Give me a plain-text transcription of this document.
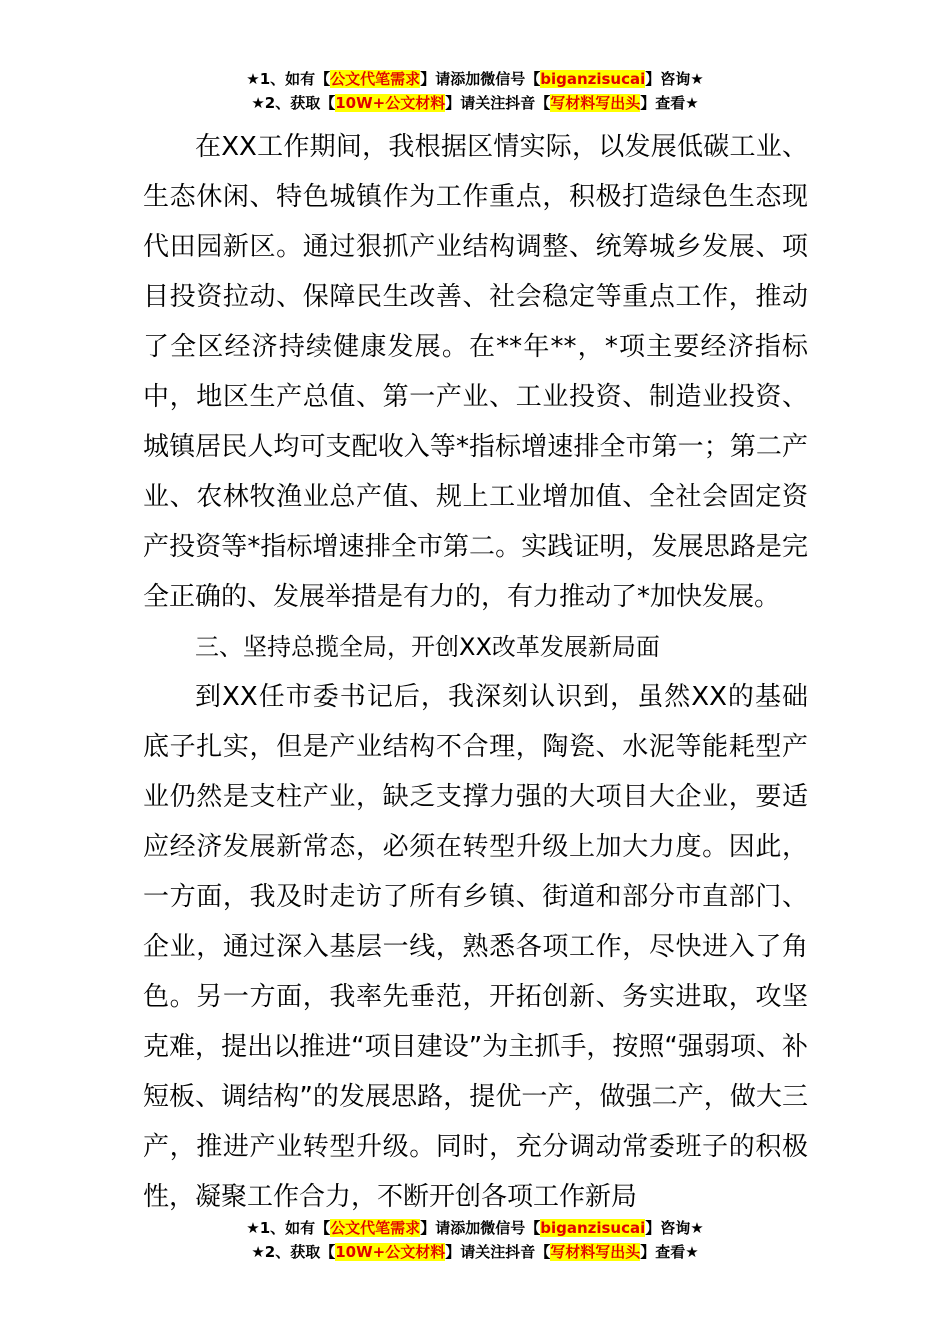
★1、如有【公文代笔需求】请添加微信号【biganzisucai】咨询★
★2、获取【10W+公文材料】请关注抖音【写材料写出头】查看★

在XX工作期间，我根据区情实际，以发展低碳工业、生态休闲、特色城镇作为工作重点，积极打造绿色生态现代田园新区。通过狠抓产业结构调整、统筹城乡发展、项目投资拉动、保障民生改善、社会稳定等重点工作，推动了全区经济持续健康发展。在**年**，*项主要经济指标中，地区生产总值、第一产业、工业投资、制造业投资、城镇居民人均可支配收入等*指标增速排全市第一；第二产业、农林牧渔业总产值、规上工业增加值、全社会固定资产投资等*指标增速排全市第二。实践证明，发展思路是完全正确的、发展举措是有力的，有力推动了*加快发展。

三、坚持总揽全局，开创XX改革发展新局面

到XX任市委书记后，我深刻认识到，虽然XX的基础底子扎实，但是产业结构不合理，陶瓷、水泥等能耗型产业仍然是支柱产业，缺乏支撑力强的大项目大企业，要适应经济发展新常态，必须在转型升级上加大力度。因此，一方面，我及时走访了所有乡镇、街道和部分市直部门、企业，通过深入基层一线，熟悉各项工作，尽快进入了角色。另一方面，我率先垂范，开拓创新、务实进取，攻坚克难，提出以推进“项目建设”为主抓手，按照“强弱项、补短板、调结构”的发展思路，提优一产，做强二产，做大三产，推进产业转型升级。同时，充分调动常委班子的积极性，凝聚工作合力，不断开创各项工作新局

★1、如有【公文代笔需求】请添加微信号【biganzisucai】咨询★
★2、获取【10W+公文材料】请关注抖音【写材料写出头】查看★
